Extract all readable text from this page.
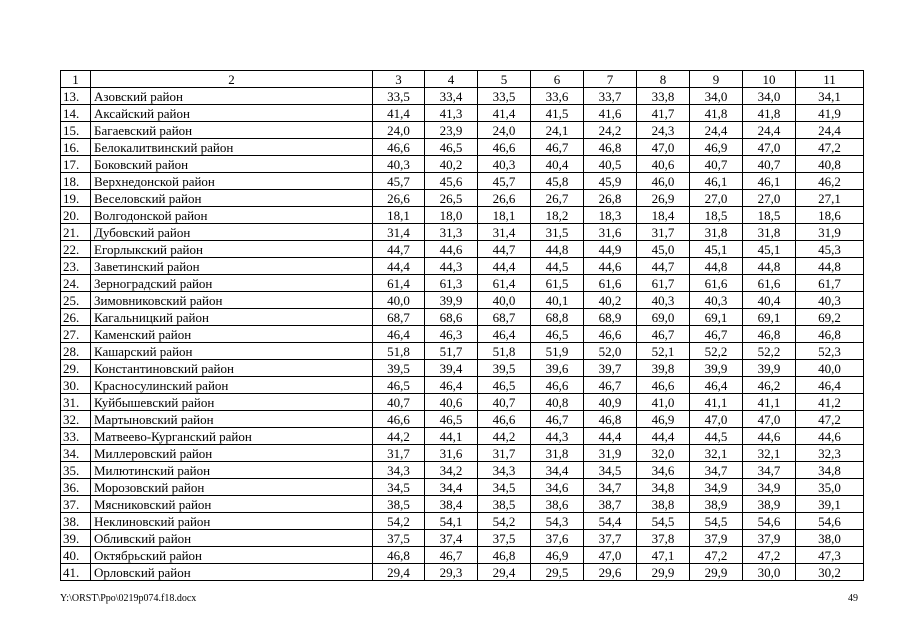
1	2	3	4	5	6	7	8	9	10	11
13.	Азовский район	33,5	33,4	33,5	33,6	33,7	33,8	34,0	34,0	34,1
14.	Аксайский район	41,4	41,3	41,4	41,5	41,6	41,7	41,8	41,8	41,9
15.	Багаевский район	24,0	23,9	24,0	24,1	24,2	24,3	24,4	24,4	24,4
16.	Белокалитвинский район	46,6	46,5	46,6	46,7	46,8	47,0	46,9	47,0	47,2
17.	Боковский район	40,3	40,2	40,3	40,4	40,5	40,6	40,7	40,7	40,8
18.	Верхнедонской район	45,7	45,6	45,7	45,8	45,9	46,0	46,1	46,1	46,2
19.	Веселовский район	26,6	26,5	26,6	26,7	26,8	26,9	27,0	27,0	27,1
20.	Волгодонской район	18,1	18,0	18,1	18,2	18,3	18,4	18,5	18,5	18,6
21.	Дубовский район	31,4	31,3	31,4	31,5	31,6	31,7	31,8	31,8	31,9
22.	Егорлыкский район	44,7	44,6	44,7	44,8	44,9	45,0	45,1	45,1	45,3
23.	Заветинский район	44,4	44,3	44,4	44,5	44,6	44,7	44,8	44,8	44,8
24.	Зерноградский район	61,4	61,3	61,4	61,5	61,6	61,7	61,6	61,6	61,7
25.	Зимовниковский район	40,0	39,9	40,0	40,1	40,2	40,3	40,3	40,4	40,3
26.	Кагальницкий район	68,7	68,6	68,7	68,8	68,9	69,0	69,1	69,1	69,2
27.	Каменский район	46,4	46,3	46,4	46,5	46,6	46,7	46,7	46,8	46,8
28.	Кашарский район	51,8	51,7	51,8	51,9	52,0	52,1	52,2	52,2	52,3
29.	Константиновский район	39,5	39,4	39,5	39,6	39,7	39,8	39,9	39,9	40,0
30.	Красносулинский район	46,5	46,4	46,5	46,6	46,7	46,6	46,4	46,2	46,4
31.	Куйбышевский район	40,7	40,6	40,7	40,8	40,9	41,0	41,1	41,1	41,2
32.	Мартыновский район	46,6	46,5	46,6	46,7	46,8	46,9	47,0	47,0	47,2
33.	Матвеево-Курганский район	44,2	44,1	44,2	44,3	44,4	44,4	44,5	44,6	44,6
34.	Миллеровский район	31,7	31,6	31,7	31,8	31,9	32,0	32,1	32,1	32,3
35.	Милютинский район	34,3	34,2	34,3	34,4	34,5	34,6	34,7	34,7	34,8
36.	Морозовский район	34,5	34,4	34,5	34,6	34,7	34,8	34,9	34,9	35,0
37.	Мясниковский район	38,5	38,4	38,5	38,6	38,7	38,8	38,9	38,9	39,1
38.	Неклиновский район	54,2	54,1	54,2	54,3	54,4	54,5	54,5	54,6	54,6
39.	Обливский район	37,5	37,4	37,5	37,6	37,7	37,8	37,9	37,9	38,0
40.	Октябрьский район	46,8	46,7	46,8	46,9	47,0	47,1	47,2	47,2	47,3
41.	Орловский район	29,4	29,3	29,4	29,5	29,6	29,9	29,9	30,0	30,2
Y:\ORST\Ppo\0219p074.f18.docx	49
